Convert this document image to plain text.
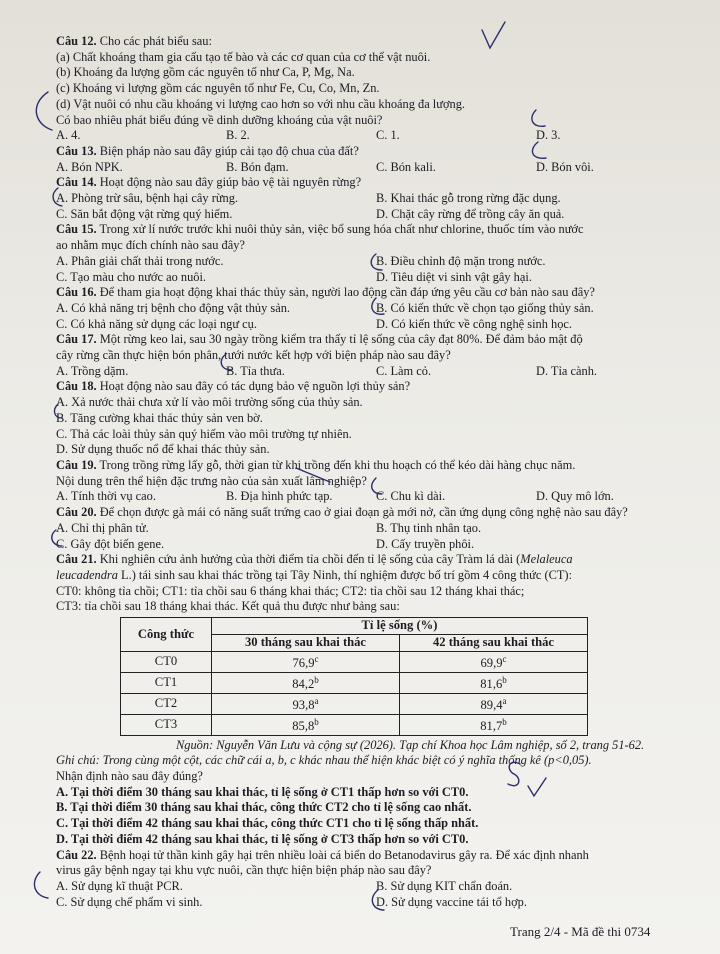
Câu 12. Cho các phát biểu sau:
(a) Chất khoáng tham gia cấu tạo tế bào và các cơ quan của cơ thể vật nuôi.
(b) Khoáng đa lượng gồm các nguyên tố như Ca, P, Mg, Na.
(c) Khoáng vi lượng gồm các nguyên tố như Fe, Cu, Co, Mn, Zn.
(d) Vật nuôi có nhu cầu khoáng vi lượng cao hơn so với nhu cầu khoáng đa lượng.
Có bao nhiêu phát biểu đúng về dinh dưỡng khoáng của vật nuôi?
A. 4.	B. 2.	C. 1.	D. 3.
Câu 13. Biện pháp nào sau đây giúp cải tạo độ chua của đất?
A. Bón NPK.	B. Bón đạm.	C. Bón kali.	D. Bón vôi.
Câu 14. Hoạt động nào sau đây giúp bảo vệ tài nguyên rừng?
A. Phòng trừ sâu, bệnh hại cây rừng.	B. Khai thác gỗ trong rừng đặc dụng.
C. Săn bắt động vật rừng quý hiếm.	D. Chặt cây rừng để trồng cây ăn quả.
Câu 15. Trong xử lí nước trước khi nuôi thủy sản, việc bổ sung hóa chất như chlorine, thuốc tím vào nước
ao nhằm mục đích chính nào sau đây?
A. Phân giải chất thải trong nước.	B. Điều chỉnh độ mặn trong nước.
C. Tạo màu cho nước ao nuôi.	D. Tiêu diệt vi sinh vật gây hại.
Câu 16. Để tham gia hoạt động khai thác thủy sản, người lao động cần đáp ứng yêu cầu cơ bản nào sau đây?
A. Có khả năng trị bệnh cho động vật thủy sản.	B. Có kiến thức về chọn tạo giống thủy sản.
C. Có khả năng sử dụng các loại ngư cụ.	D. Có kiến thức về công nghệ sinh học.
Câu 17. Một rừng keo lai, sau 30 ngày trồng kiểm tra thấy tỉ lệ sống của cây đạt 80%. Để đảm bảo mật độ
cây rừng cần thực hiện bón phân, tưới nước kết hợp với biện pháp nào sau đây?
A. Trồng dặm.	B. Tỉa thưa.	C. Làm cỏ.	D. Tỉa cành.
Câu 18. Hoạt động nào sau đây có tác dụng bảo vệ nguồn lợi thủy sản?
A. Xả nước thải chưa xử lí vào môi trường sống của thủy sản.
B. Tăng cường khai thác thủy sản ven bờ.
C. Thả các loài thủy sản quý hiếm vào môi trường tự nhiên.
D. Sử dụng thuốc nổ để khai thác thủy sản.
Câu 19. Trong trồng rừng lấy gỗ, thời gian từ khi trồng đến khi thu hoạch có thể kéo dài hàng chục năm.
Nội dung trên thể hiện đặc trưng nào của sản xuất lâm nghiệp?
A. Tính thời vụ cao.	B. Địa hình phức tạp.	C. Chu kì dài.	D. Quy mô lớn.
Câu 20. Để chọn được gà mái có năng suất trứng cao ở giai đoạn gà mới nở, cần ứng dụng công nghệ nào sau đây?
A. Chỉ thị phân tử.	B. Thụ tinh nhân tạo.
C. Gây đột biến gene.	D. Cấy truyền phôi.
Câu 21. Khi nghiên cứu ảnh hưởng của thời điểm tỉa chồi đến tỉ lệ sống của cây Tràm lá dài (Melaleuca
leucadendra L.) tái sinh sau khai thác trồng tại Tây Ninh, thí nghiệm được bố trí gồm 4 công thức (CT):
CT0: không tỉa chồi; CT1: tỉa chồi sau 6 tháng khai thác; CT2: tỉa chồi sau 12 tháng khai thác;
CT3: tỉa chồi sau 18 tháng khai thác. Kết quả thu được như bảng sau:
Công thức	Tỉ lệ sống (%)	
	30 tháng sau khai thác	42 tháng sau khai thác
CT0	76,9$^c$	69,9$^c$
CT1	84,2$^b$	81,6$^b$
CT2	93,8$^a$	89,4$^a$
CT3	85,8$^b$	81,7$^b$
Nguồn: Nguyễn Văn Lưu và cộng sự (2026). Tạp chí Khoa học Lâm nghiệp, số 2, trang 51-62.
Ghi chú: Trong cùng một cột, các chữ cái a, b, c khác nhau thể hiện khác biệt có ý nghĩa thống kê (p<0,05).
Nhận định nào sau đây đúng?
A. Tại thời điểm 30 tháng sau khai thác, tỉ lệ sống ở CT1 thấp hơn so với CT0.
B. Tại thời điểm 30 tháng sau khai thác, công thức CT2 cho tỉ lệ sống cao nhất.
C. Tại thời điểm 42 tháng sau khai thác, công thức CT1 cho tỉ lệ sống thấp nhất.
D. Tại thời điểm 42 tháng sau khai thác, tỉ lệ sống ở CT3 thấp hơn so với CT0.
Câu 22. Bệnh hoại tử thần kinh gây hại trên nhiều loài cá biển do Betanodavirus gây ra. Để xác định nhanh
virus gây bệnh ngay tại khu vực nuôi, cần thực hiện biện pháp nào sau đây?
A. Sử dụng kĩ thuật PCR.	B. Sử dụng KIT chẩn đoán.
C. Sử dụng chế phẩm vi sinh.	D. Sử dụng vaccine tái tổ hợp.
Trang 2/4 - Mã đề thi 0734
